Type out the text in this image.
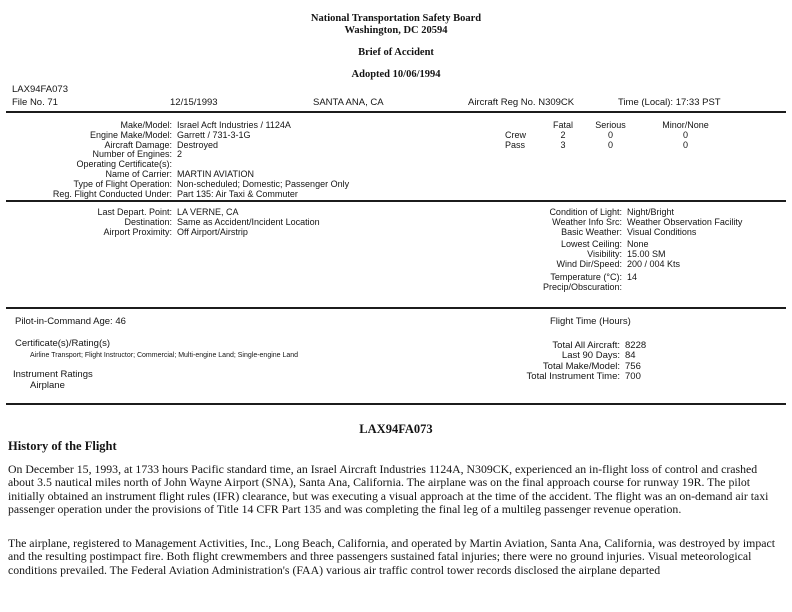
National Transportation Safety Board
Washington, DC 20594
Brief of Accident
Adopted 10/06/1994
LAX94FA073
File No. 71	12/15/1993	SANTA ANA, CA	Aircraft Reg No. N309CK	Time (Local): 17:33 PST
Make/Model: Israel Acft Industries / 1124A
Engine Make/Model: Garrett / 731-3-1G
Aircraft Damage: Destroyed
Number of Engines: 2
Operating Certificate(s):
Name of Carrier: MARTIN AVIATION
Type of Flight Operation: Non-scheduled; Domestic; Passenger Only
Reg. Flight Conducted Under: Part 135: Air Taxi & Commuter
Fatal	Serious	Minor/None
Crew	2	0	0
Pass	3	0	0
Last Depart. Point: LA VERNE, CA
Destination: Same as Accident/Incident Location
Airport Proximity: Off Airport/Airstrip
Condition of Light: Night/Bright
Weather Info Src: Weather Observation Facility
Basic Weather: Visual Conditions
Lowest Ceiling: None
Visibility: 15.00 SM
Wind Dir/Speed: 200 / 004 Kts
Temperature (°C): 14
Precip/Obscuration:
Pilot-in-Command Age: 46
Certificate(s)/Rating(s)
Airline Transport; Flight Instructor; Commercial; Multi-engine Land; Single-engine Land
Instrument Ratings
Airplane
Flight Time (Hours)
Total All Aircraft: 8228
Last 90 Days: 84
Total Make/Model: 756
Total Instrument Time: 700
LAX94FA073
History of the Flight
On December 15, 1993, at 1733 hours Pacific standard time, an Israel Aircraft Industries 1124A, N309CK, experienced an in-flight loss of control and crashed about 3.5 nautical miles north of John Wayne Airport (SNA), Santa Ana, California. The airplane was on the final approach course for runway 19R. The pilot initially obtained an instrument flight rules (IFR) clearance, but was executing a visual approach at the time of the accident. The flight was an on-demand air taxi passenger operation under the provisions of Title 14 CFR Part 135 and was completing the final leg of a multileg passenger revenue operation.
The airplane, registered to Management Activities, Inc., Long Beach, California, and operated by Martin Aviation, Santa Ana, California, was destroyed by impact and the resulting postimpact fire. Both flight crewmembers and three passengers sustained fatal injuries; there were no ground injuries. Visual meteorological conditions prevailed. The Federal Aviation Administration's (FAA) various air traffic control tower records disclosed the airplane departed
